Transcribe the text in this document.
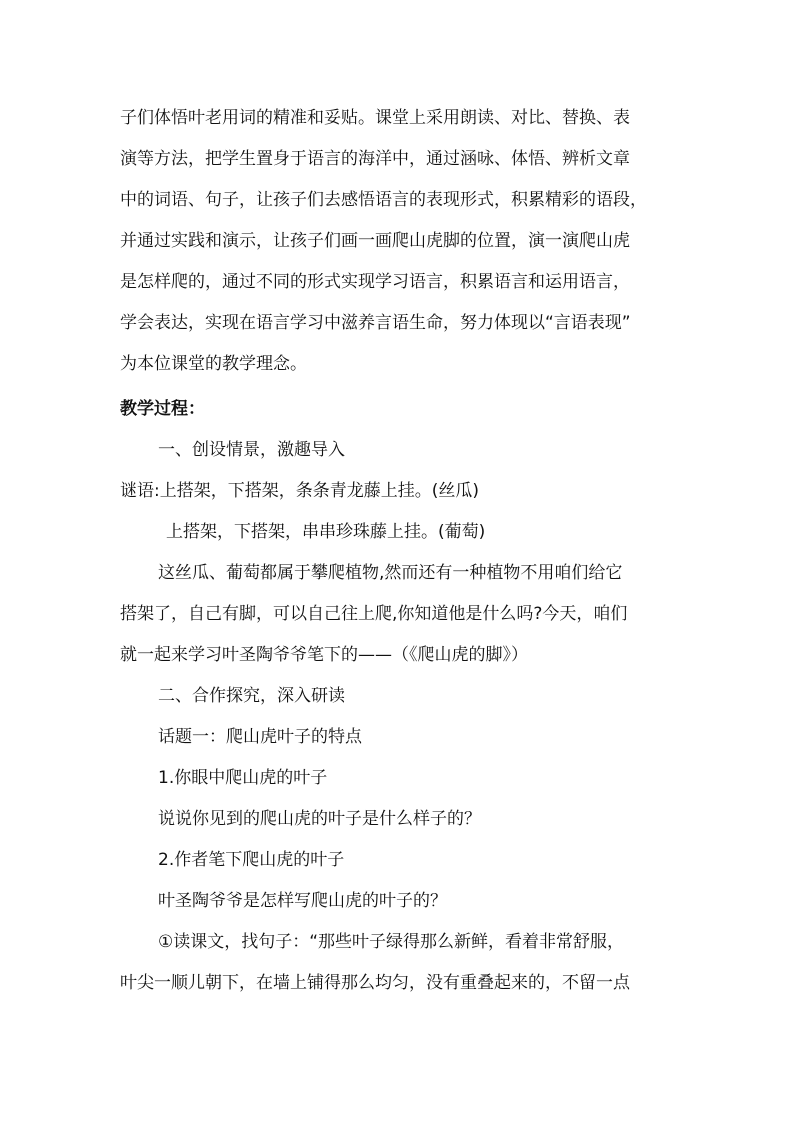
子们体悟叶老用词的精准和妥贴。课堂上采用朗读、对比、替换、表
演等方法，把学生置身于语言的海洋中，通过涵咏、体悟、辨析文章
中的词语、句子，让孩子们去感悟语言的表现形式，积累精彩的语段，
并通过实践和演示，让孩子们画一画爬山虎脚的位置，演一演爬山虎
是怎样爬的，通过不同的形式实现学习语言，积累语言和运用语言，
学会表达，实现在语言学习中滋养言语生命，努力体现以“言语表现”
为本位课堂的教学理念。
教学过程：
一、创设情景，激趣导入
谜语:上搭架，下搭架，条条青龙藤上挂。(丝瓜)
上搭架，下搭架，串串珍珠藤上挂。(葡萄)
这丝瓜、葡萄都属于攀爬植物,然而还有一种植物不用咱们给它
搭架了，自己有脚，可以自己往上爬,你知道他是什么吗?今天，咱们
就一起来学习叶圣陶爷爷笔下的——（《爬山虎的脚》）
二、合作探究，深入研读
话题一：爬山虎叶子的特点
1.你眼中爬山虎的叶子
说说你见到的爬山虎的叶子是什么样子的？
2.作者笔下爬山虎的叶子
叶圣陶爷爷是怎样写爬山虎的叶子的？
①读课文，找句子：“那些叶子绿得那么新鲜，看着非常舒服，
叶尖一顺儿朝下，在墙上铺得那么均匀，没有重叠起来的，不留一点
